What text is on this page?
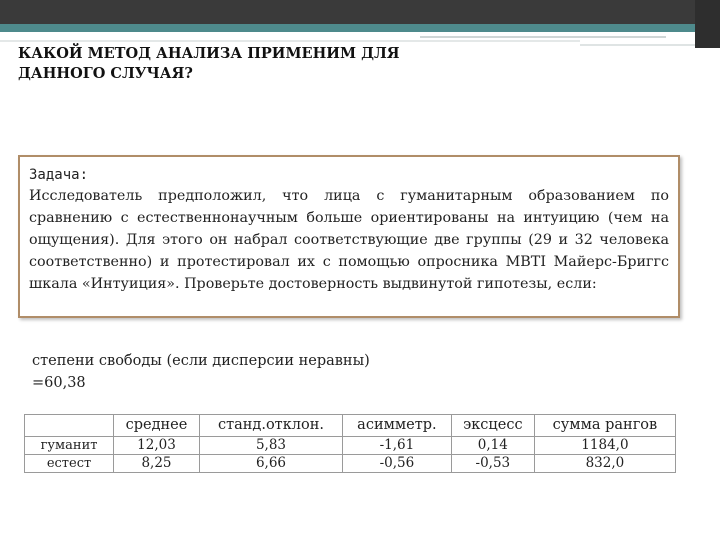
КАКОЙ МЕТОД АНАЛИЗА ПРИМЕНИМ ДЛЯ ДАННОГО СЛУЧАЯ?
Задача:

Исследователь предположил, что лица с гуманитарным образованием по сравнению с естественнонаучным больше ориентированы на интуицию (чем на ощущения). Для этого он набрал соответствующие две группы (29 и 32 человека соответственно) и протестировал их с помощью опросника MBTI Майерс-Бриггс шкала «Интуиция». Проверьте достоверность выдвинутой гипотезы, если:

степени свободы (если дисперсии неравны)
=60,38
	среднее	станд.отклон.	асимметр.	эксцесс	сумма рангов
гуманит	12,03	5,83	-1,61	0,14	1184,0
естест	8,25	6,66	-0,56	-0,53	832,0
